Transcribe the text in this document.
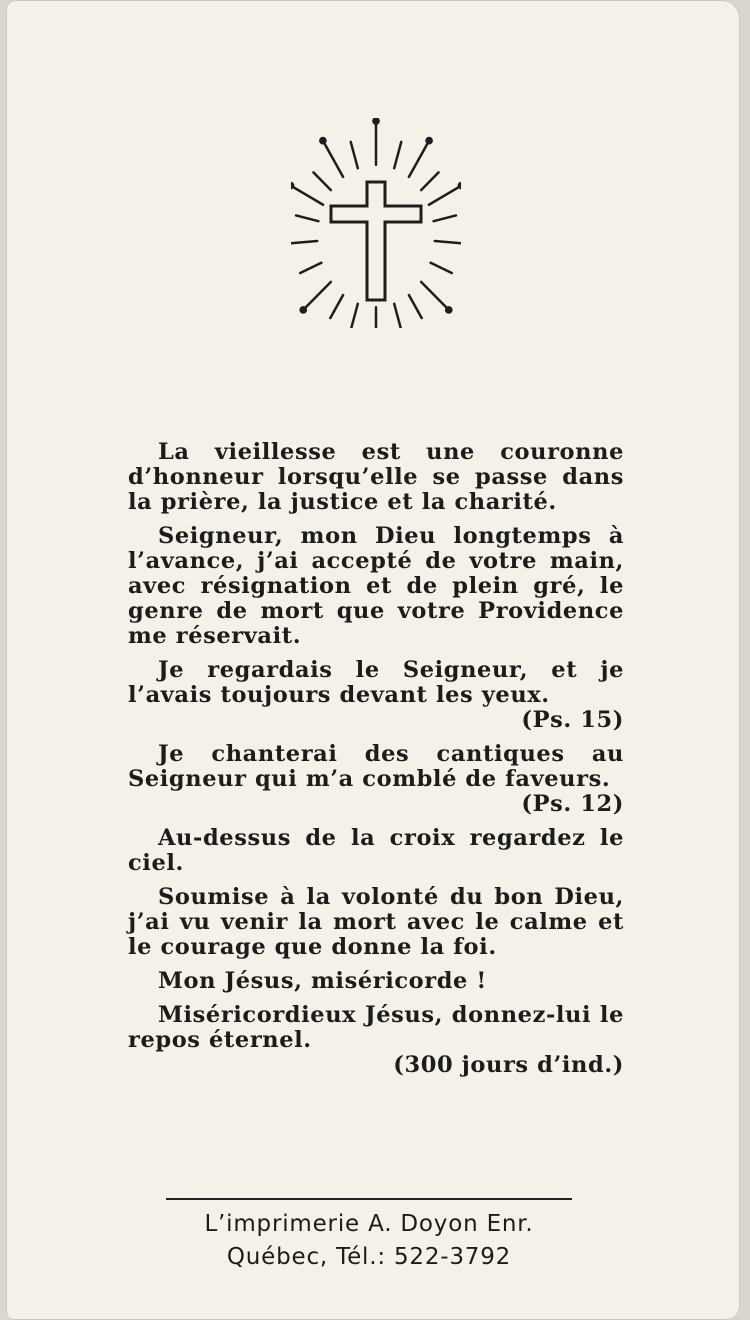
La vieillesse est une couronne d’honneur lorsqu’elle se passe dans la prière, la justice et la charité.

Seigneur, mon Dieu longtemps à l’avance, j’ai accepté de votre main, avec résignation et de plein gré, le genre de mort que votre Providence me réservait.

Je regardais le Seigneur, et je l’avais toujours devant les yeux.
(Ps. 15)

Je chanterai des cantiques au Seigneur qui m’a comblé de faveurs.
(Ps. 12)

Au-dessus de la croix regardez le ciel.

Soumise à la volonté du bon Dieu, j’ai vu venir la mort avec le calme et le courage que donne la foi.

Mon Jésus, miséricorde !

Miséricordieux Jésus, donnez-lui le repos éternel.
(300 jours d’ind.)

L’imprimerie A. Doyon Enr.
Québec, Tél.: 522-3792
